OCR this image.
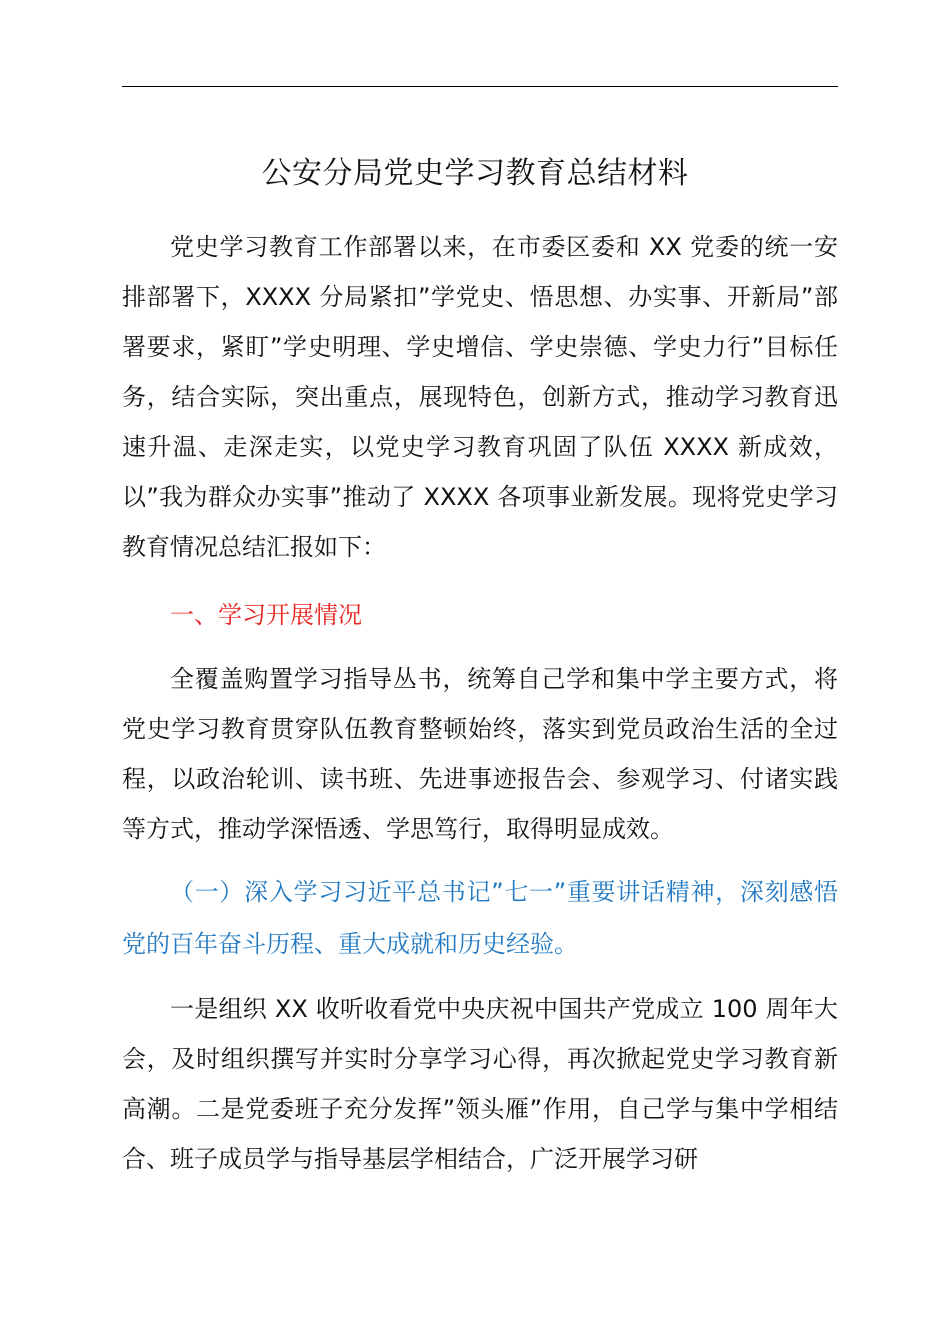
公安分局党史学习教育总结材料

党史学习教育工作部署以来，在市委区委和 XX 党委的统一安排部署下，XXXX 分局紧扣”学党史、悟思想、办实事、开新局”部署要求，紧盯”学史明理、学史增信、学史崇德、学史力行”目标任务，结合实际，突出重点，展现特色，创新方式，推动学习教育迅速升温、走深走实，以党史学习教育巩固了队伍 XXXX 新成效，以”我为群众办实事”推动了 XXXX 各项事业新发展。现将党史学习教育情况总结汇报如下：

一、学习开展情况

全覆盖购置学习指导丛书，统筹自己学和集中学主要方式，将党史学习教育贯穿队伍教育整顿始终，落实到党员政治生活的全过程，以政治轮训、读书班、先进事迹报告会、参观学习、付诸实践等方式，推动学深悟透、学思笃行，取得明显成效。

（一）深入学习习近平总书记”七一”重要讲话精神，深刻感悟党的百年奋斗历程、重大成就和历史经验。

一是组织 XX 收听收看党中央庆祝中国共产党成立 100 周年大会，及时组织撰写并实时分享学习心得，再次掀起党史学习教育新高潮。二是党委班子充分发挥”领头雁”作用，自己学与集中学相结合、班子成员学与指导基层学相结合，广泛开展学习研
